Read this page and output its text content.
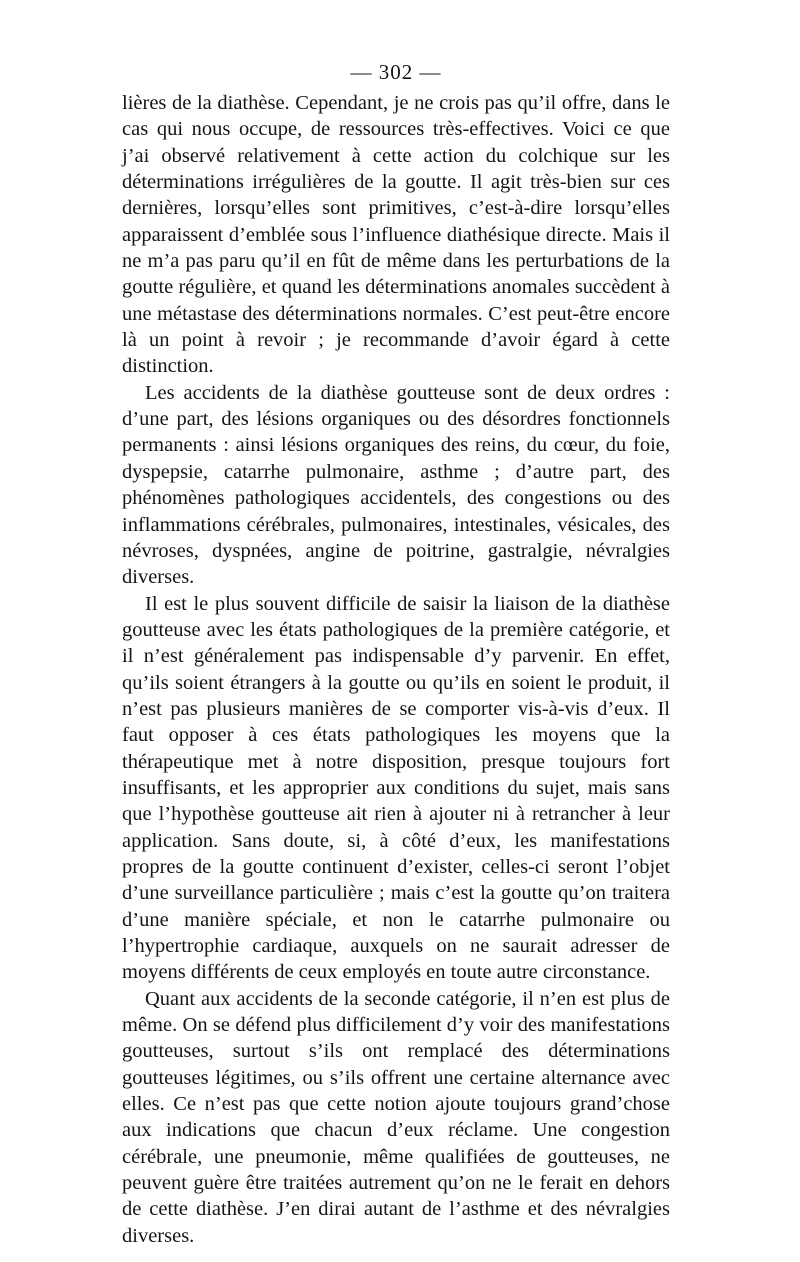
— 302 —

lières de la diathèse. Cependant, je ne crois pas qu’il offre, dans le cas qui nous occupe, de ressources très-effectives. Voici ce que j’ai observé relativement à cette action du colchique sur les déterminations irrégulières de la goutte. Il agit très-bien sur ces dernières, lorsqu’elles sont primitives, c’est-à-dire lorsqu’elles apparaissent d’emblée sous l’influence diathésique directe. Mais il ne m’a pas paru qu’il en fût de même dans les perturbations de la goutte régulière, et quand les déterminations anomales succèdent à une métastase des déterminations normales. C’est peut-être encore là un point à revoir ; je recommande d’avoir égard à cette distinction.

Les accidents de la diathèse goutteuse sont de deux ordres : d’une part, des lésions organiques ou des désordres fonctionnels permanents : ainsi lésions organiques des reins, du cœur, du foie, dyspepsie, catarrhe pulmonaire, asthme ; d’autre part, des phénomènes pathologiques accidentels, des congestions ou des inflammations cérébrales, pulmonaires, intestinales, vésicales, des névroses, dyspnées, angine de poitrine, gastralgie, névralgies diverses.

Il est le plus souvent difficile de saisir la liaison de la diathèse goutteuse avec les états pathologiques de la première catégorie, et il n’est généralement pas indispensable d’y parvenir. En effet, qu’ils soient étrangers à la goutte ou qu’ils en soient le produit, il n’est pas plusieurs manières de se comporter vis-à-vis d’eux. Il faut opposer à ces états pathologiques les moyens que la thérapeutique met à notre disposition, presque toujours fort insuffisants, et les approprier aux conditions du sujet, mais sans que l’hypothèse goutteuse ait rien à ajouter ni à retrancher à leur application. Sans doute, si, à côté d’eux, les manifestations propres de la goutte continuent d’exister, celles-ci seront l’objet d’une surveillance particulière ; mais c’est la goutte qu’on traitera d’une manière spéciale, et non le catarrhe pulmonaire ou l’hypertrophie cardiaque, auxquels on ne saurait adresser de moyens différents de ceux employés en toute autre circonstance.

Quant aux accidents de la seconde catégorie, il n’en est plus de même. On se défend plus difficilement d’y voir des manifestations goutteuses, surtout s’ils ont remplacé des déterminations goutteuses légitimes, ou s’ils offrent une certaine alternance avec elles. Ce n’est pas que cette notion ajoute toujours grand’chose aux indications que chacun d’eux réclame. Une congestion cérébrale, une pneumonie, même qualifiées de goutteuses, ne peuvent guère être traitées autrement qu’on ne le ferait en dehors de cette diathèse. J’en dirai autant de l’asthme et des névralgies diverses.
